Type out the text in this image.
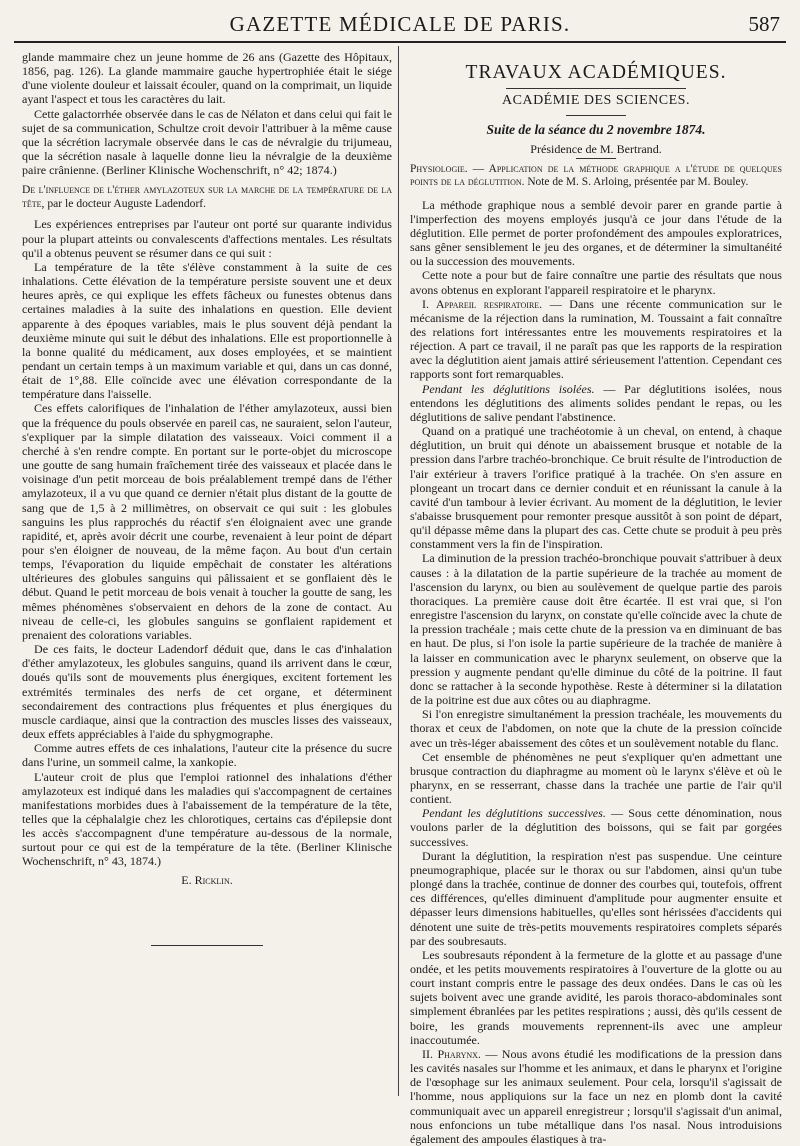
GAZETTE MÉDICALE DE PARIS.	587

glande mammaire chez un jeune homme de 26 ans (Gazette des Hôpitaux, 1856, pag. 126). La glande mammaire gauche hypertrophiée était le siége d'une violente douleur et laissait écouler, quand on la comprimait, un liquide ayant l'aspect et tous les caractères du lait.

Cette galactorrhée observée dans le cas de Nélaton et dans celui qui fait le sujet de sa communication, Schultze croit devoir l'attribuer à la même cause que la sécrétion lacrymale observée dans le cas de névralgie du trijumeau, que la sécrétion nasale à laquelle donne lieu la névralgie de la deuxième paire crânienne. (Berliner Klinische Wochenschrift, n° 42; 1874.)

De l'influence de l'éther amylazoteux sur la marche de la température de la tête, par le docteur Auguste Ladendorf.

Les expériences entreprises par l'auteur ont porté sur quarante individus pour la plupart atteints ou convalescents d'affections mentales. Les résultats qu'il a obtenus peuvent se résumer dans ce qui suit :

La température de la tête s'élève constamment à la suite de ces inhalations. Cette élévation de la température persiste souvent une et deux heures après, ce qui explique les effets fâcheux ou funestes obtenus dans certaines maladies à la suite des inhalations en question. Elle devient apparente à des époques variables, mais le plus souvent déjà pendant la deuxième minute qui suit le début des inhalations. Elle est proportionnelle à la bonne qualité du médicament, aux doses employées, et se maintient pendant un certain temps à un maximum variable et qui, dans un cas donné, était de 1°,88. Elle coïncide avec une élévation correspondante de la température dans l'aisselle.

Ces effets calorifiques de l'inhalation de l'éther amylazoteux, aussi bien que la fréquence du pouls observée en pareil cas, ne sauraient, selon l'auteur, s'expliquer par la simple dilatation des vaisseaux. Voici comment il a cherché à s'en rendre compte. En portant sur le porte-objet du microscope une goutte de sang humain fraîchement tirée des vaisseaux et placée dans le voisinage d'un petit morceau de bois préalablement trempé dans de l'éther amylazoteux, il a vu que quand ce dernier n'était plus distant de la goutte de sang que de 1,5 à 2 millimètres, on observait ce qui suit : les globules sanguins les plus rapprochés du réactif s'en éloignaient avec une grande rapidité, et, après avoir décrit une courbe, revenaient à leur point de départ pour s'en éloigner de nouveau, de la même façon. Au bout d'un certain temps, l'évaporation du liquide empêchait de constater les altérations ultérieures des globules sanguins qui pâlissaient et se gonflaient dès le début. Quand le petit morceau de bois venait à toucher la goutte de sang, les mêmes phénomènes s'observaient en dehors de la zone de contact. Au niveau de celle-ci, les globules sanguins se gonflaient rapidement et prenaient des colorations variables.

De ces faits, le docteur Ladendorf déduit que, dans le cas d'inhalation d'éther amylazoteux, les globules sanguins, quand ils arrivent dans le cœur, doués qu'ils sont de mouvements plus énergiques, excitent fortement les extrémités terminales des nerfs de cet organe, et déterminent secondairement des contractions plus fréquentes et plus énergiques du muscle cardiaque, ainsi que la contraction des muscles lisses des vaisseaux, deux effets appréciables à l'aide du sphygmographe.

Comme autres effets de ces inhalations, l'auteur cite la présence du sucre dans l'urine, un sommeil calme, la xankopie.

L'auteur croit de plus que l'emploi rationnel des inhalations d'éther amylazoteux est indiqué dans les maladies qui s'accompagnent de certaines manifestations morbides dues à l'abaissement de la température de la tête, telles que la céphalalgie chez les chlorotiques, certains cas d'épilepsie dont les accès s'accompagnent d'une température au-dessous de la normale, surtout pour ce qui est de la température de la tête. (Berliner Klinische Wochenschrift, n° 43, 1874.)

E. Ricklin.
TRAVAUX ACADÉMIQUES.
ACADÉMIE DES SCIENCES.
Suite de la séance du 2 novembre 1874.
Présidence de M. Bertrand.
Physiologie. — Application de la méthode graphique a l'étude de quelques points de la déglutition. Note de M. S. Arloing, présentée par M. Bouley.

La méthode graphique nous a semblé devoir parer en grande partie à l'imperfection des moyens employés jusqu'à ce jour dans l'étude de la déglutition. Elle permet de porter profondément des ampoules exploratrices, sans gêner sensiblement le jeu des organes, et de déterminer la simultanéité ou la succession des mouvements.

Cette note a pour but de faire connaître une partie des résultats que nous avons obtenus en explorant l'appareil respiratoire et le pharynx.

I. Appareil respiratoire. — Dans une récente communication sur le mécanisme de la réjection dans la rumination, M. Toussaint a fait connaître des relations fort intéressantes entre les mouvements respiratoires et la réjection. A part ce travail, il ne paraît pas que les rapports de la respiration avec la déglutition aient jamais attiré sérieusement l'attention. Cependant ces rapports sont fort remarquables.

Pendant les déglutitions isolées. — Par déglutitions isolées, nous entendons les déglutitions des aliments solides pendant le repas, ou les déglutitions de salive pendant l'abstinence.

Quand on a pratiqué une trachéotomie à un cheval, on entend, à chaque déglutition, un bruit qui dénote un abaissement brusque et notable de la pression dans l'arbre trachéo-bronchique. Ce bruit résulte de l'introduction de l'air extérieur à travers l'orifice pratiqué à la trachée. On s'en assure en plongeant un trocart dans ce dernier conduit et en réunissant la canule à la cavité d'un tambour à levier écrivant. Au moment de la déglutition, le levier s'abaisse brusquement pour remonter presque aussitôt à son point de départ, qu'il dépasse même dans la plupart des cas. Cette chute se produit à peu près constamment vers la fin de l'inspiration.

La diminution de la pression trachéo-bronchique pouvait s'attribuer à deux causes : à la dilatation de la partie supérieure de la trachée au moment de l'ascension du larynx, ou bien au soulèvement de quelque partie des parois thoraciques. La première cause doit être écartée. Il est vrai que, si l'on enregistre l'ascension du larynx, on constate qu'elle coïncide avec la chute de la pression trachéale ; mais cette chute de la pression va en diminuant de bas en haut. De plus, si l'on isole la partie supérieure de la trachée de manière à la laisser en communication avec le pharynx seulement, on observe que la pression y augmente pendant qu'elle diminue du côté de la poitrine. Il faut donc se rattacher à la seconde hypothèse. Reste à déterminer si la dilatation de la poitrine est due aux côtes ou au diaphragme.

Si l'on enregistre simultanément la pression trachéale, les mouvements du thorax et ceux de l'abdomen, on note que la chute de la pression coïncide avec un très-léger abaissement des côtes et un soulèvement notable du flanc.

Cet ensemble de phénomènes ne peut s'expliquer qu'en admettant une brusque contraction du diaphragme au moment où le larynx s'élève et où le pharynx, en se resserrant, chasse dans la trachée une partie de l'air qu'il contient.

Pendant les déglutitions successives. — Sous cette dénomination, nous voulons parler de la déglutition des boissons, qui se fait par gorgées successives.

Durant la déglutition, la respiration n'est pas suspendue. Une ceinture pneumographique, placée sur le thorax ou sur l'abdomen, ainsi qu'un tube plongé dans la trachée, continue de donner des courbes qui, toutefois, offrent ces différences, qu'elles diminuent d'amplitude pour augmenter ensuite et dépasser leurs dimensions habituelles, qu'elles sont hérissées d'accidents qui dénotent une suite de très-petits mouvements respiratoires complets séparés par des soubresauts.

Les soubresauts répondent à la fermeture de la glotte et au passage d'une ondée, et les petits mouvements respiratoires à l'ouverture de la glotte ou au court instant compris entre le passage des deux ondées. Dans le cas où les sujets boivent avec une grande avidité, les parois thoraco-abdominales sont simplement ébranlées par les petites respirations ; aussi, dès qu'ils cessent de boire, les grands mouvements reprennent-ils avec une ampleur inaccoutumée.

II. Pharynx. — Nous avons étudié les modifications de la pression dans les cavités nasales sur l'homme et les animaux, et dans le pharynx et l'origine de l'œsophage sur les animaux seulement. Pour cela, lorsqu'il s'agissait de l'homme, nous appliquions sur la face un nez en plomb dont la cavité communiquait avec un appareil enregistreur ; lorsqu'il s'agissait d'un animal, nous enfoncions un tube métallique dans l'os nasal. Nous introduisions également des ampoules élastiques à tra-
